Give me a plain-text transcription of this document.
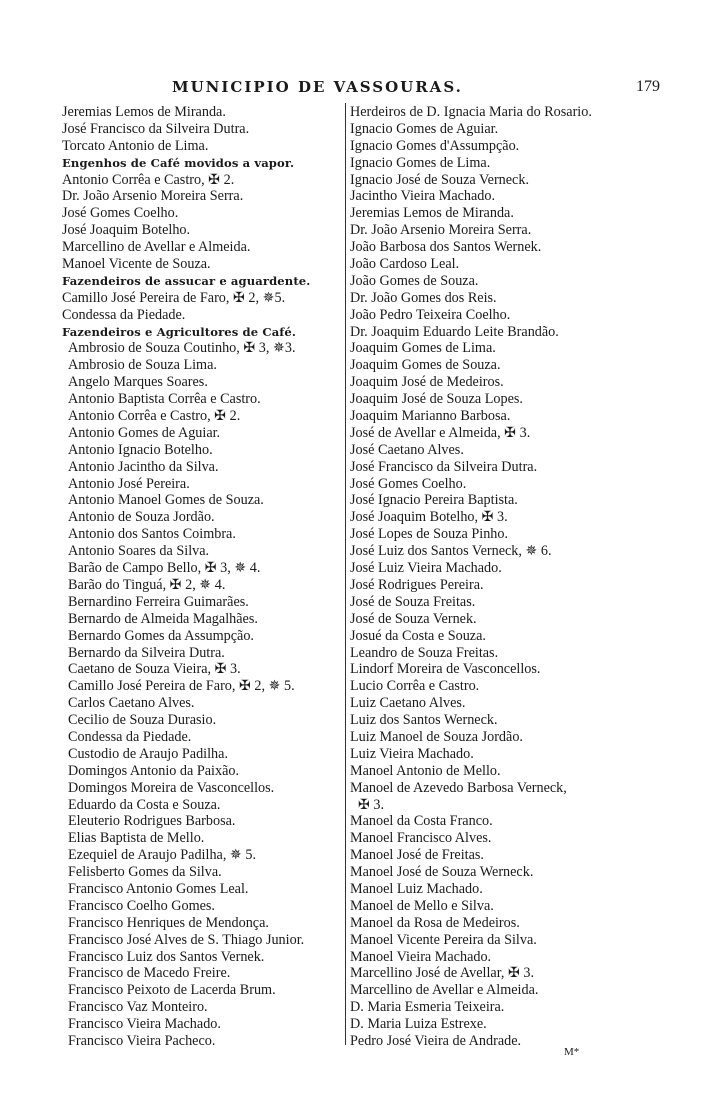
MUNICIPIO DE VASSOURAS.	179
Jeremias Lemos de Miranda.
José Francisco da Silveira Dutra.
Torcato Antonio de Lima.
Engenhos de Café movidos a vapor.
Antonio Corrêa e Castro, ✠ 2.
Dr. João Arsenio Moreira Serra.
José Gomes Coelho.
José Joaquim Botelho.
Marcellino de Avellar e Almeida.
Manoel Vicente de Souza.
Fazendeiros de assucar e aguardente.
Camillo José Pereira de Faro, ✠ 2, ✵5.
Condessa da Piedade.
Fazendeiros e Agricultores de Café.
Ambrosio de Souza Coutinho, ✠ 3, ✵3.
Ambrosio de Souza Lima.
Angelo Marques Soares.
Antonio Baptista Corrêa e Castro.
Antonio Corrêa e Castro, ✠ 2.
Antonio Gomes de Aguiar.
Antonio Ignacio Botelho.
Antonio Jacintho da Silva.
Antonio José Pereira.
Antonio Manoel Gomes de Souza.
Antonio de Souza Jordão.
Antonio dos Santos Coimbra.
Antonio Soares da Silva.
Barão de Campo Bello, ✠ 3, ✵ 4.
Barão do Tinguá, ✠ 2, ✵ 4.
Bernardino Ferreira Guimarães.
Bernardo de Almeida Magalhães.
Bernardo Gomes da Assumpção.
Bernardo da Silveira Dutra.
Caetano de Souza Vieira, ✠ 3.
Camillo José Pereira de Faro, ✠ 2, ✵ 5.
Carlos Caetano Alves.
Cecilio de Souza Durasio.
Condessa da Piedade.
Custodio de Araujo Padilha.
Domingos Antonio da Paixão.
Domingos Moreira de Vasconcellos.
Eduardo da Costa e Souza.
Eleuterio Rodrigues Barbosa.
Elias Baptista de Mello.
Ezequiel de Araujo Padilha, ✵ 5.
Felisberto Gomes da Silva.
Francisco Antonio Gomes Leal.
Francisco Coelho Gomes.
Francisco Henriques de Mendonça.
Francisco José Alves de S. Thiago Junior.
Francisco Luiz dos Santos Vernek.
Francisco de Macedo Freire.
Francisco Peixoto de Lacerda Brum.
Francisco Vaz Monteiro.
Francisco Vieira Machado.
Francisco Vieira Pacheco.
Herdeiros de D. Ignacia Maria do Rosario.
Ignacio Gomes de Aguiar.
Ignacio Gomes d'Assumpção.
Ignacio Gomes de Lima.
Ignacio José de Souza Verneck.
Jacintho Vieira Machado.
Jeremias Lemos de Miranda.
Dr. João Arsenio Moreira Serra.
João Barbosa dos Santos Wernek.
João Cardoso Leal.
João Gomes de Souza.
Dr. João Gomes dos Reis.
João Pedro Teixeira Coelho.
Dr. Joaquim Eduardo Leite Brandão.
Joaquim Gomes de Lima.
Joaquim Gomes de Souza.
Joaquim José de Medeiros.
Joaquim José de Souza Lopes.
Joaquim Marianno Barbosa.
José de Avellar e Almeida, ✠ 3.
José Caetano Alves.
José Francisco da Silveira Dutra.
José Gomes Coelho.
José Ignacio Pereira Baptista.
José Joaquim Botelho, ✠ 3.
José Lopes de Souza Pinho.
José Luiz dos Santos Verneck, ✵ 6.
José Luiz Vieira Machado.
José Rodrigues Pereira.
José de Souza Freitas.
José de Souza Vernek.
Josué da Costa e Souza.
Leandro de Souza Freitas.
Lindorf Moreira de Vasconcellos.
Lucio Corrêa e Castro.
Luiz Caetano Alves.
Luiz dos Santos Werneck.
Luiz Manoel de Souza Jordão.
Luiz Vieira Machado.
Manoel Antonio de Mello.
Manoel de Azevedo Barbosa Verneck,
✠ 3.
Manoel da Costa Franco.
Manoel Francisco Alves.
Manoel José de Freitas.
Manoel José de Souza Werneck.
Manoel Luiz Machado.
Manoel de Mello e Silva.
Manoel da Rosa de Medeiros.
Manoel Vicente Pereira da Silva.
Manoel Vieira Machado.
Marcellino José de Avellar, ✠ 3.
Marcellino de Avellar e Almeida.
D. Maria Esmeria Teixeira.
D. Maria Luiza Estrexe.
Pedro José Vieira de Andrade.
M*
